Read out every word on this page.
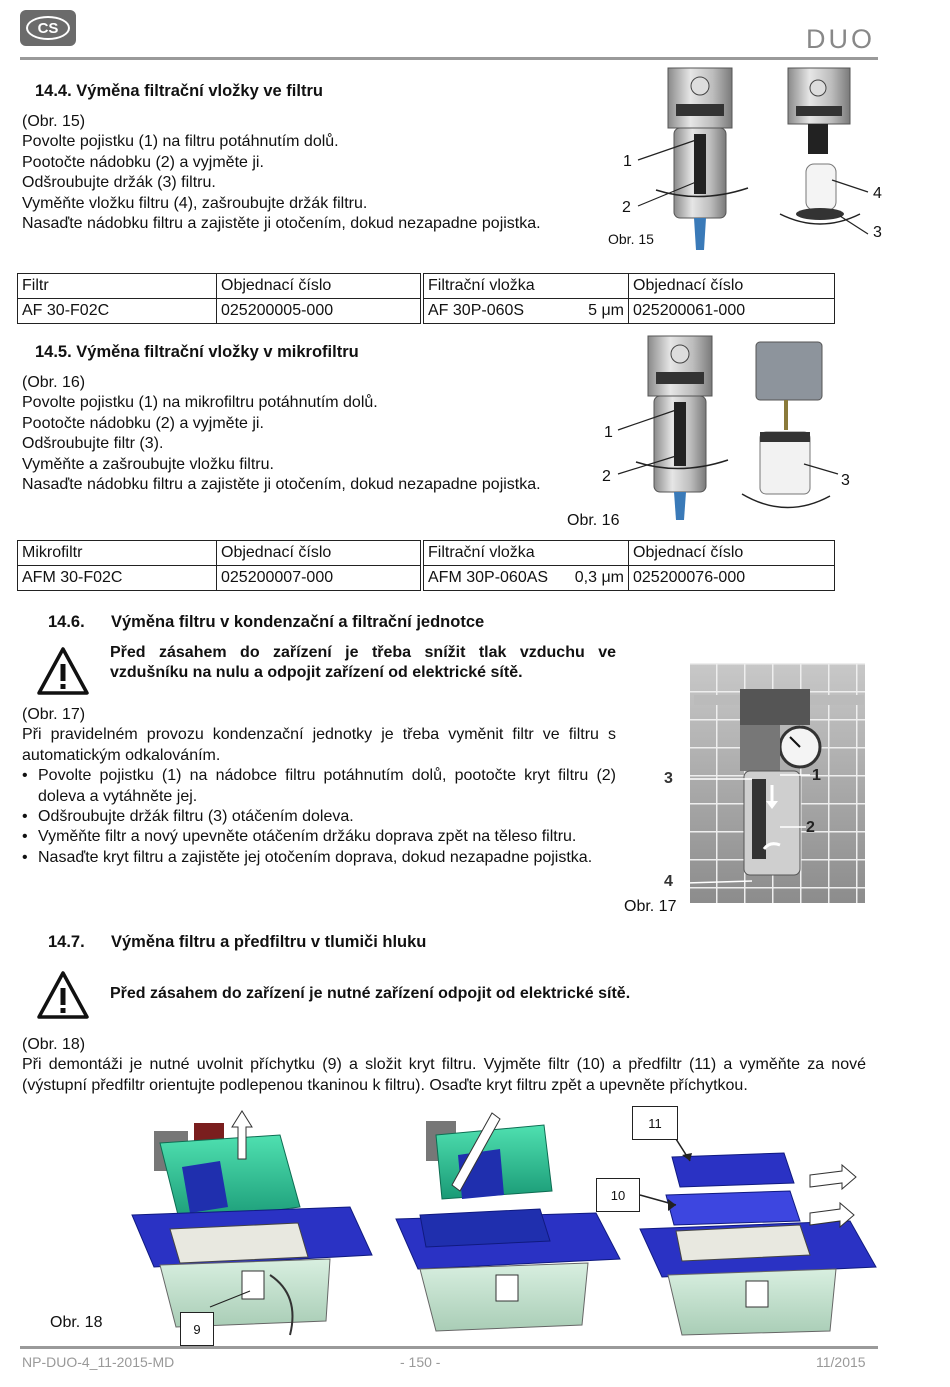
CS	DUO
14.4. Výměna filtrační vložky ve filtru

(Obr. 15)

Povolte pojistku (1) na filtru potáhnutím dolů.

Pootočte nádobku (2) a vyjměte ji.

Odšroubujte držák (3) filtru.

Vyměňte vložku filtru (4), zašroubujte držák filtru.

Nasaďte nádobku filtru a zajistěte ji otočením, dokud nezapadne pojistka.

1
2
4
3
Obr. 15
Filtr	Objednací číslo	Filtrační vložka	Objednací číslo
AF 30-F02C	025200005-000	AF 30P-060S 5 μm	025200061-000
14.5. Výměna filtrační vložky v mikrofiltru

(Obr. 16)

Povolte pojistku (1) na mikrofiltru potáhnutím dolů.

Pootočte nádobku (2) a vyjměte ji.

Odšroubujte filtr (3).

Vyměňte a zašroubujte vložku filtru.

Nasaďte nádobku filtru a zajistěte ji otočením, dokud nezapadne pojistka.

1
2	3
Obr. 16
Mikrofiltr	Objednací číslo	Filtrační vložka	Objednací číslo
AFM 30-F02C	025200007-000	AFM 30P-060AS 0,3 μm	025200076-000
14.6. Výměna filtru v kondenzační a filtrační jednotce
Před zásahem do zařízení je třeba snížit tlak vzduchu ve vzdušníku na nulu a odpojit zařízení od elektrické sítě.

(Obr. 17)

Při pravidelném provozu kondenzační jednotky je třeba vyměnit filtr ve filtru s automatickým odkalováním.

• Povolte pojistku (1) na nádobce filtru potáhnutím dolů, pootočte kryt filtru (2) doleva a vytáhněte jej.
• Odšroubujte držák filtru (3) otáčením doleva.
• Vyměňte filtr a nový upevněte otáčením držáku doprava zpět na těleso filtru.
• Nasaďte kryt filtru a zajistěte jej otočením doprava, dokud nezapadne pojistka.
3	1
2
4
Obr. 17
14.7. Výměna filtru a předfiltru v tlumiči hluku
Před zásahem do zařízení je nutné zařízení odpojit od elektrické sítě.

(Obr. 18)

Při demontáži je nutné uvolnit příchytku (9) a složit kryt filtru. Vyjměte filtr (10) a předfiltr (11) a vyměňte za nové (výstupní předfiltr orientujte podlepenou tkaninou k filtru). Osaďte kryt filtru zpět a upevněte příchytkou.

11
10
9
Obr. 18
NP-DUO-4_11-2015-MD	- 150 -	11/2015
